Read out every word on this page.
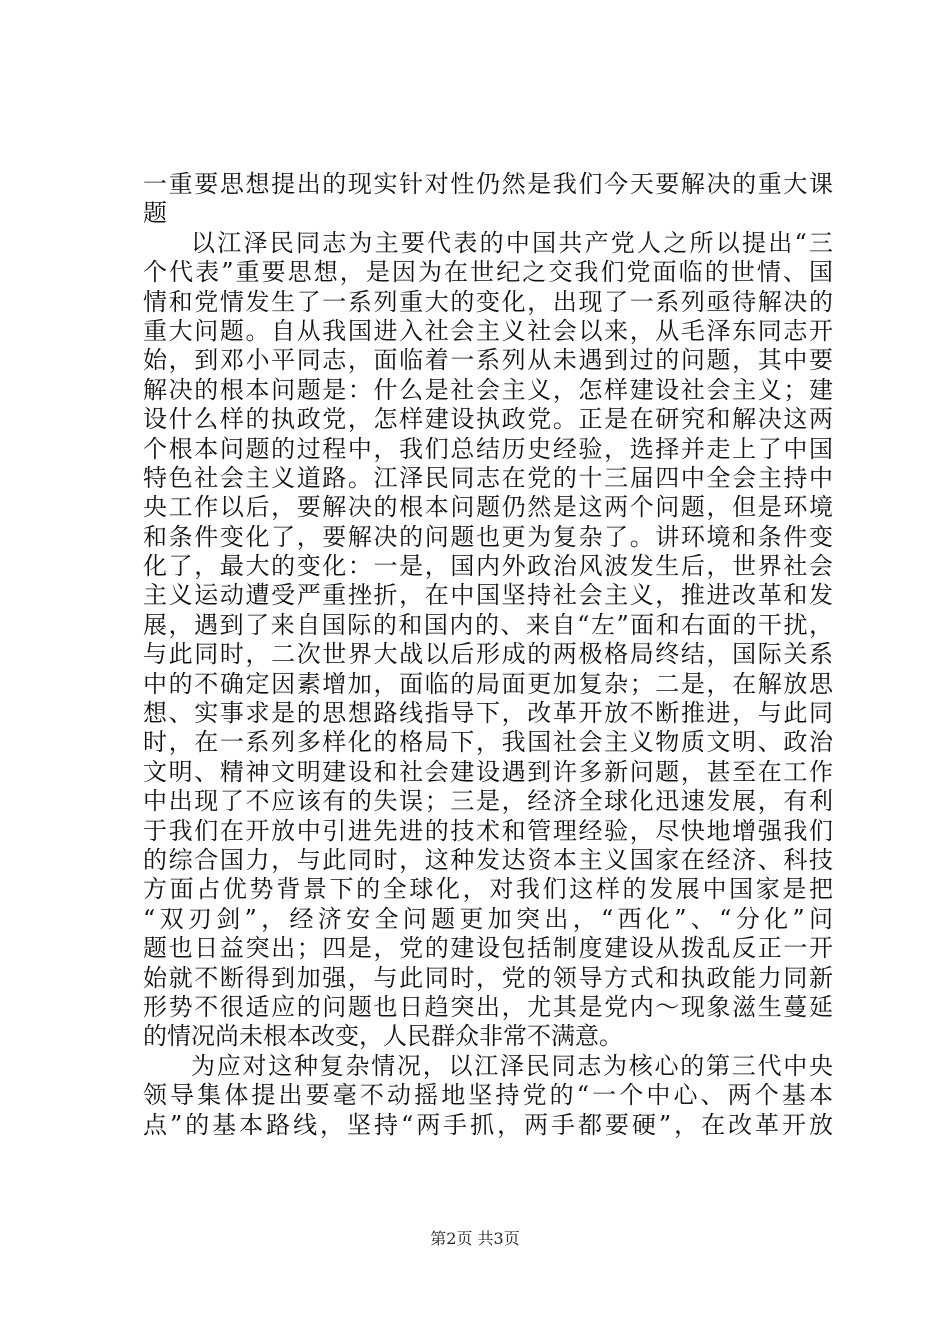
一重要思想提出的现实针对性仍然是我们今天要解决的重大课
题
以江泽民同志为主要代表的中国共产党人之所以提出“三
个代表”重要思想，是因为在世纪之交我们党面临的世情、国
情和党情发生了一系列重大的变化，出现了一系列亟待解决的
重大问题。自从我国进入社会主义社会以来，从毛泽东同志开
始，到邓小平同志，面临着一系列从未遇到过的问题，其中要
解决的根本问题是：什么是社会主义，怎样建设社会主义；建
设什么样的执政党，怎样建设执政党。正是在研究和解决这两
个根本问题的过程中，我们总结历史经验，选择并走上了中国
特色社会主义道路。江泽民同志在党的十三届四中全会主持中
央工作以后，要解决的根本问题仍然是这两个问题，但是环境
和条件变化了，要解决的问题也更为复杂了。讲环境和条件变
化了，最大的变化：一是，国内外政治风波发生后，世界社会
主义运动遭受严重挫折，在中国坚持社会主义，推进改革和发
展，遇到了来自国际的和国内的、来自“左”面和右面的干扰，
与此同时，二次世界大战以后形成的两极格局终结，国际关系
中的不确定因素增加，面临的局面更加复杂；二是，在解放思
想、实事求是的思想路线指导下，改革开放不断推进，与此同
时，在一系列多样化的格局下，我国社会主义物质文明、政治
文明、精神文明建设和社会建设遇到许多新问题，甚至在工作
中出现了不应该有的失误；三是，经济全球化迅速发展，有利
于我们在开放中引进先进的技术和管理经验，尽快地增强我们
的综合国力，与此同时，这种发达资本主义国家在经济、科技
方面占优势背景下的全球化，对我们这样的发展中国家是把
“双刃剑”，经济安全问题更加突出，“西化”、“分化”问
题也日益突出；四是，党的建设包括制度建设从拨乱反正一开
始就不断得到加强，与此同时，党的领导方式和执政能力同新
形势不很适应的问题也日趋突出，尤其是党内～现象滋生蔓延
的情况尚未根本改变，人民群众非常不满意。
为应对这种复杂情况，以江泽民同志为核心的第三代中央
领导集体提出要毫不动摇地坚持党的“一个中心、两个基本
点”的基本路线，坚持“两手抓，两手都要硬”，在改革开放
第2页 共3页
